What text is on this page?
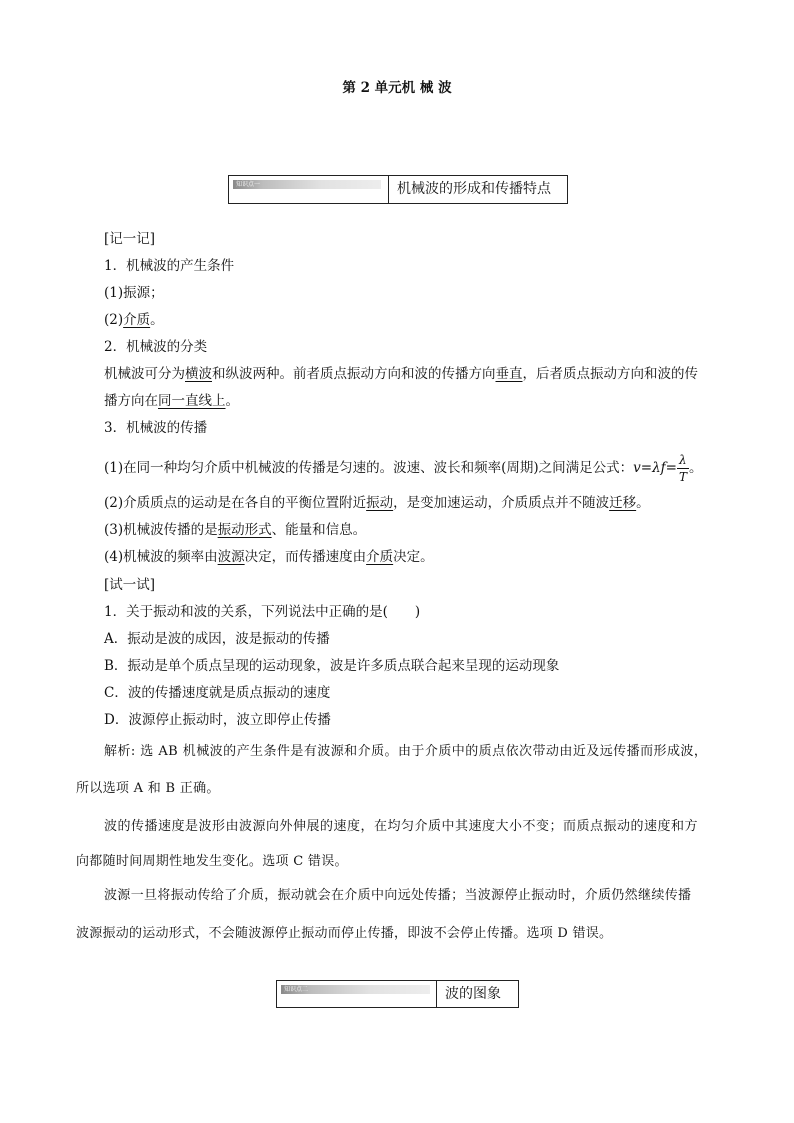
第 2 单元机 械 波
知识点一	机械波的形成和传播特点
[记一记]
1．机械波的产生条件
(1)振源；
(2)介质。
2．机械波的分类
机械波可分为横波和纵波两种。前者质点振动方向和波的传播方向垂直，后者质点振动方向和波的传
播方向在同一直线上。
3．机械波的传播
(1)在同一种均匀介质中机械波的传播是匀速的。波速、波长和频率(周期)之间满足公式：$v=\lambda f= \frac{\lambda}{T}$ 。
(2)介质质点的运动是在各自的平衡位置附近振动，是变加速运动，介质质点并不随波迁移。
(3)机械波传播的是振动形式、能量和信息。
(4)机械波的频率由波源决定，而传播速度由介质决定。
[试一试]
1．关于振动和波的关系，下列说法中正确的是(　　)
A．振动是波的成因，波是振动的传播
B．振动是单个质点呈现的运动现象，波是许多质点联合起来呈现的运动现象
C．波的传播速度就是质点振动的速度
D．波源停止振动时，波立即停止传播
解析: 选 AB 机械波的产生条件是有波源和介质。由于介质中的质点依次带动由近及远传播而形成波，
所以选项 A 和 B 正确。
波的传播速度是波形由波源向外伸展的速度，在均匀介质中其速度大小不变；而质点振动的速度和方
向都随时间周期性地发生变化。选项 C 错误。
波源一旦将振动传给了介质，振动就会在介质中向远处传播；当波源停止振动时，介质仍然继续传播
波源振动的运动形式，不会随波源停止振动而停止传播，即波不会停止传播。选项 D 错误。
知识点二	波的图象
